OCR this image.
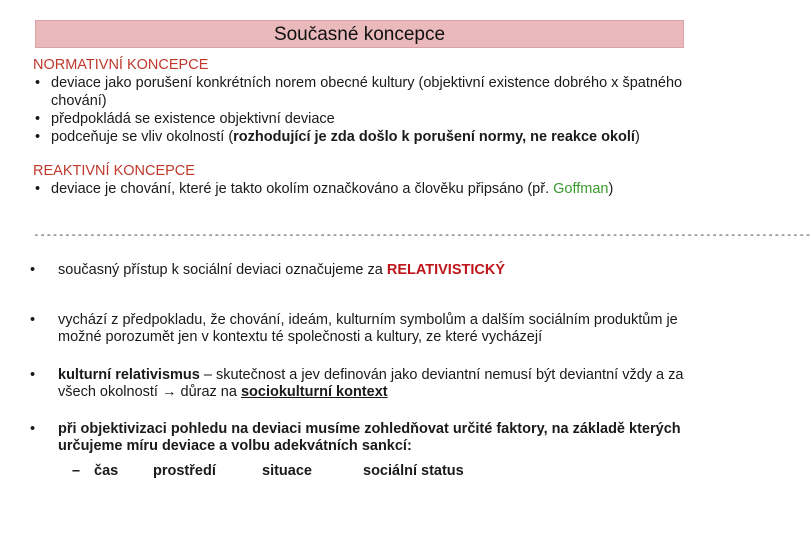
Současné koncepce
NORMATIVNÍ KONCEPCE
• deviace jako porušení konkrétních norem obecné kultury (objektivní existence dobrého x špatného chování)
• předpokládá se existence objektivní deviace
• podceňuje se vliv okolností (rozhodující je zda došlo k porušení normy, ne reakce okolí)
REAKTIVNÍ KONCEPCE
• deviace je chování, které je takto okolím označkováno a člověku připsáno (př. Goffman)
-----------------------------------------------------------------------------------------------------------------------------
• současný přístup k sociální deviaci označujeme za RELATIVISTICKÝ
• vychází z předpokladu, že chování, ideám, kulturním symbolům a dalším sociálním produktům je možné porozumět jen v kontextu té společnosti a kultury, ze které vycházejí
• kulturní relativismus – skutečnost a jev definován jako deviantní nemusí být deviantní vždy a za všech okolností → důraz na sociokulturní kontext
• při objektivizaci pohledu na deviaci musíme zohledňovat určité faktory, na základě kterých určujeme míru deviace a volbu adekvátních sankcí:
– čas	prostředí	situace	sociální status
